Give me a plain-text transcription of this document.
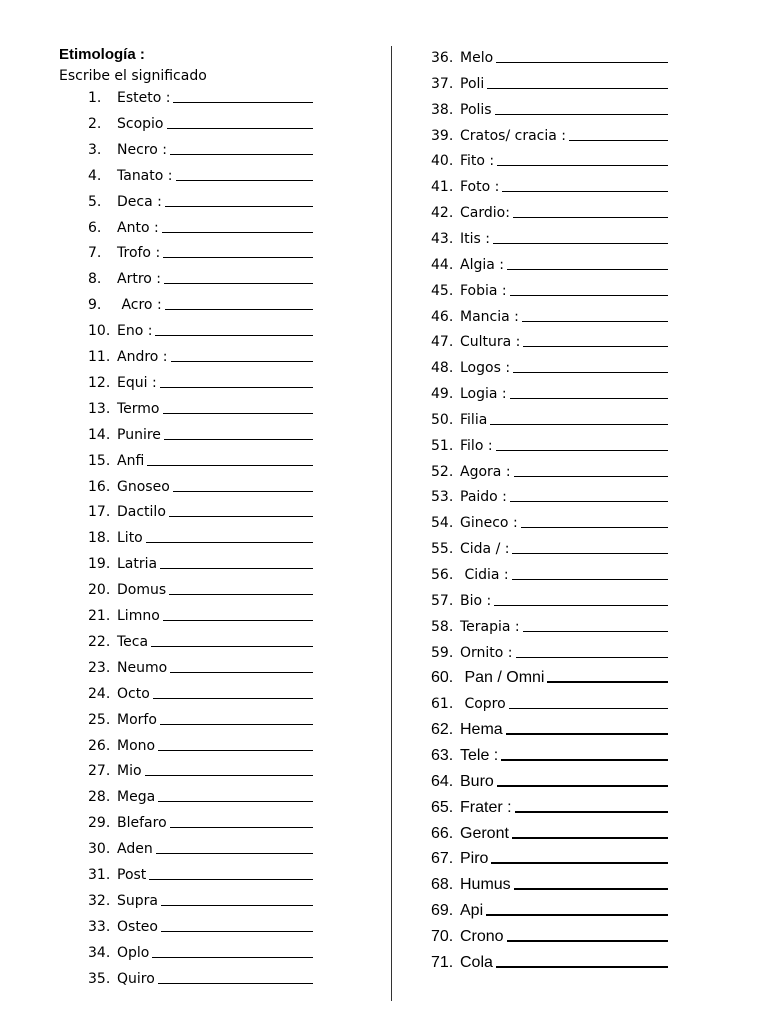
Etimología :
Escribe el significado
1. Esteto :
2. Scopio
3. Necro :
4. Tanato :
5. Deca :
6. Anto :
7. Trofo :
8. Artro :
9. Acro :
10. Eno :
11. Andro :
12. Equi :
13. Termo
14. Punire
15. Anfi
16. Gnoseo
17. Dactilo
18. Lito
19. Latria
20. Domus
21. Limno
22. Teca
23. Neumo
24. Octo
25. Morfo
26. Mono
27. Mio
28. Mega
29. Blefaro
30. Aden
31. Post
32. Supra
33. Osteo
34. Oplo
35. Quiro
36. Melo
37. Poli
38. Polis
39. Cratos/ cracia :
40. Fito :
41. Foto :
42. Cardio:
43. Itis :
44. Algia :
45. Fobia :
46. Mancia :
47. Cultura :
48. Logos :
49. Logia :
50. Filia
51. Filo :
52. Agora :
53. Paido :
54. Gineco :
55. Cida / :
56. Cidia :
57. Bio :
58. Terapia :
59. Ornito :
60. Pan / Omni
61. Copro
62. Hema
63. Tele :
64. Buro
65. Frater :
66. Geront
67. Piro
68. Humus
69. Api
70. Crono
71. Cola
